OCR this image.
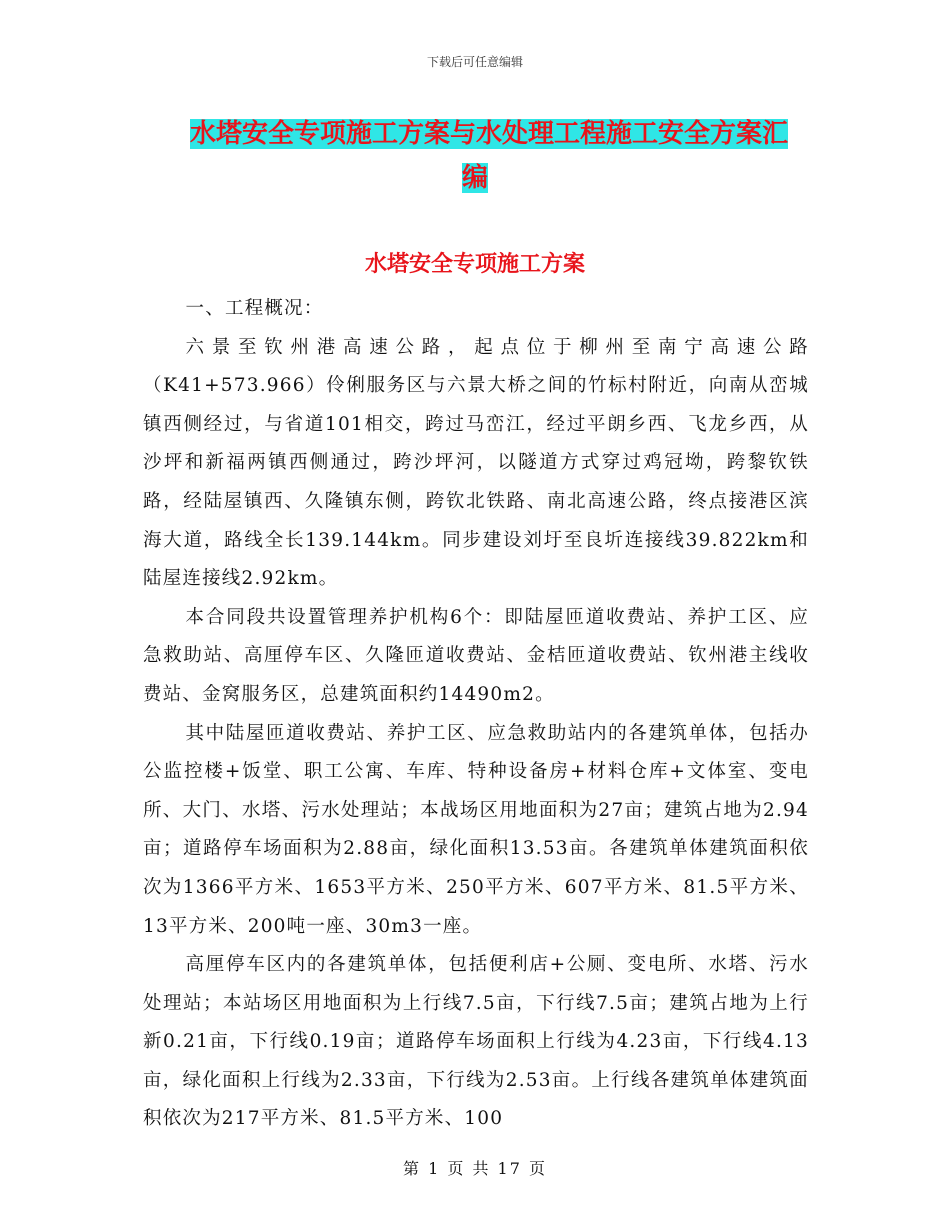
下载后可任意编辑
水塔安全专项施工方案与水处理工程施工安全方案汇
编
水塔安全专项施工方案

一、工程概况：

六景至钦州港高速公路，起点位于柳州至南宁高速公路（K41+573.966）伶俐服务区与六景大桥之间的竹标村附近，向南从峦城镇西侧经过，与省道101相交，跨过马峦江，经过平朗乡西、飞龙乡西，从沙坪和新福两镇西侧通过，跨沙坪河，以隧道方式穿过鸡冠坳，跨黎钦铁路，经陆屋镇西、久隆镇东侧，跨钦北铁路、南北高速公路，终点接港区滨海大道，路线全长139.144km。同步建设刘圩至良圻连接线39.822km和陆屋连接线2.92km。

本合同段共设置管理养护机构6个：即陆屋匝道收费站、养护工区、应急救助站、高厘停车区、久隆匝道收费站、金桔匝道收费站、钦州港主线收费站、金窝服务区，总建筑面积约14490m2。

其中陆屋匝道收费站、养护工区、应急救助站内的各建筑单体，包括办公监控楼+饭堂、职工公寓、车库、特种设备房+材料仓库+文体室、变电所、大门、水塔、污水处理站；本战场区用地面积为27亩；建筑占地为2.94亩；道路停车场面积为2.88亩，绿化面积13.53亩。各建筑单体建筑面积依次为1366平方米、1653平方米、250平方米、607平方米、81.5平方米、13平方米、200吨一座、30m3一座。

高厘停车区内的各建筑单体，包括便利店+公厕、变电所、水塔、污水处理站；本站场区用地面积为上行线7.5亩，下行线7.5亩；建筑占地为上行新0.21亩，下行线0.19亩；道路停车场面积上行线为4.23亩，下行线4.13亩，绿化面积上行线为2.33亩，下行线为2.53亩。上行线各建筑单体建筑面积依次为217平方米、81.5平方米、100

第 1 页 共 17 页
